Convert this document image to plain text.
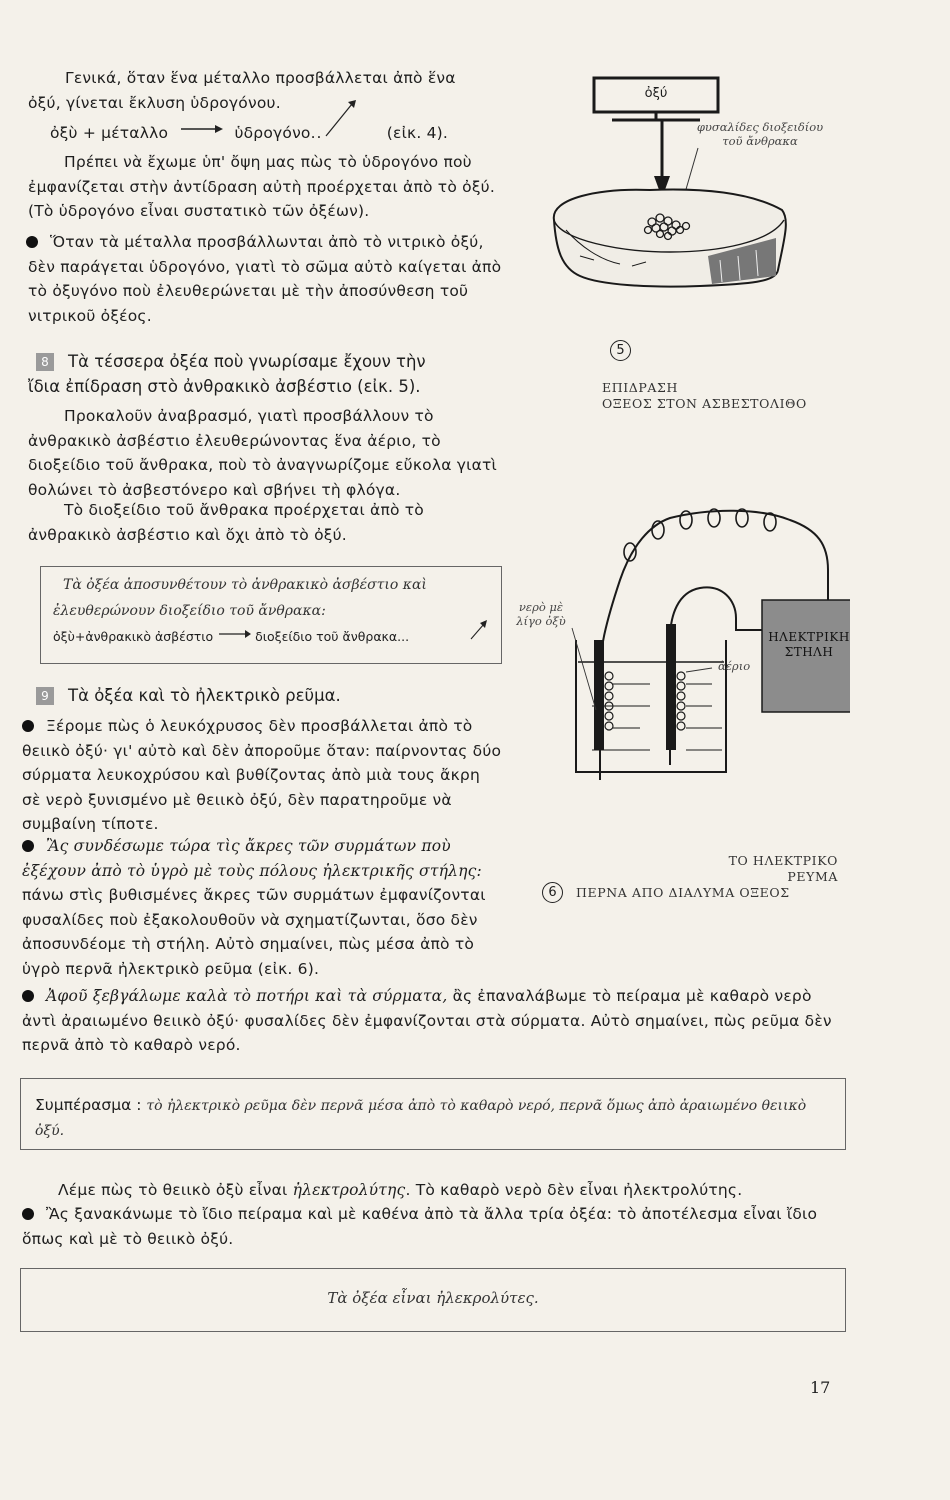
Γενικά, ὅταν ἕνα μέταλλο προσβάλλεται ἀπὸ ἕνα
ὀξύ, γίνεται ἔκλυση ὑδρογόνου.
ὀξὺ + μέταλλο	ὑδρογόνο..	(εἰκ. 4).
Πρέπει νὰ ἔχωμε ὑπ' ὄψη μας πὼς τὸ ὑδρογόνο ποὺ ἐμφανίζεται στὴν ἀντίδραση αὐτὴ προέρχεται ἀπὸ τὸ ὀξύ.(Τὸ ὑδρογόνο εἶναι συστατικὸ τῶν ὀξέων).
Ὅταν τὰ μέταλλα προσβάλλωνται ἀπὸ τὸ νιτρικὸ ὀξύ, δὲν παράγεται ὑδρογόνο, γιατὶ τὸ σῶμα αὐτὸ καίγεται ἀπὸ τὸ ὀξυγόνο ποὺ ἐλευθερώνεται μὲ τὴν ἀποσύνθεση τοῦ νιτρικοῦ ὀξέος.
8 Τὰ τέσσερα ὀξέα ποὺ γνωρίσαμε ἔχουν τὴν
ἴδια ἐπίδραση στὸ ἀνθρακικὸ ἀσβέστιο (εἰκ. 5).
Προκαλοῦν ἀναβρασμό, γιατὶ προσβάλλουν τὸ ἀνθρακικὸ ἀσβέστιο ἐλευθερώνοντας ἕνα ἀέριο, τὸ διοξείδιο τοῦ ἄνθρακα, ποὺ τὸ ἀναγνωρίζομε εὔκολα γιατὶ θολώνει τὸ ἀσβεστόνερο καὶ σβήνει τὴ φλόγα.
Τὸ διοξείδιο τοῦ ἄνθρακα προέρχεται ἀπὸ τὸ ἀνθρακικὸ ἀσβέστιο καὶ ὄχι ἀπὸ τὸ ὀξύ.
Τὰ ὀξέα ἀποσυνθέτουν τὸ ἀνθρακικὸ ἀσβέστιο καὶ
ἐλευθερώνουν διοξείδιο τοῦ ἄνθρακα:
ὀξὺ+ἀνθρακικὸ ἀσβέστιο	διοξείδιο τοῦ ἄνθρακα...
9 Τὰ ὀξέα καὶ τὸ ἠλεκτρικὸ ρεῦμα.
Ξέρομε πὼς ὁ λευκόχρυσος δὲν προσβάλλεται ἀπὸ τὸ θειικὸ ὀξύ· γι' αὐτὸ καὶ δὲν ἀποροῦμε ὅταν: παίρνοντας δύο σύρματα λευκοχρύσου καὶ βυθίζοντας ἀπὸ μιὰ τους ἄκρη σὲ νερὸ ξυνισμένο μὲ θειικὸ ὀξύ, δὲν παρατηροῦμε νὰ συμβαίνη τίποτε.
Ἂς συνδέσωμε τώρα τὶς ἄκρες τῶν συρμάτων ποὺ ἐξέχουν ἀπὸ τὸ ὑγρὸ μὲ τοὺς πόλους ἠλεκτρικῆς στήλης: πάνω στὶς βυθισμένες ἄκρες τῶν συρμάτων ἐμφανίζονται φυσαλίδες ποὺ ἐξακολουθοῦν νὰ σχηματίζωνται, ὅσο δὲν ἀποσυνδέομε τὴ στήλη. Αὐτὸ σημαίνει, πὼς μέσα ἀπὸ τὸ ὑγρὸ περνᾶ ἠλεκτρικὸ ρεῦμα (εἰκ. 6).
Ἀφοῦ ξεβγάλωμε καλὰ τὸ ποτήρι καὶ τὰ σύρματα, ἂς ἐπαναλάβωμε τὸ πείραμα μὲ καθαρὸ νερὸ ἀντὶ ἀραιωμένο θειικὸ ὀξύ· φυσαλίδες δὲν ἐμφανίζονται στὰ σύρματα. Αὐτὸ σημαίνει, πὼς ρεῦμα δὲν περνᾶ ἀπὸ τὸ καθαρὸ νερό.
Συμπέρασμα : τὸ ἠλεκτρικὸ ρεῦμα δὲν περνᾶ μέσα ἀπὸ τὸ καθαρὸ νερό, περνᾶ ὅμως ἀπὸ ἀραιωμένο θειικὸ ὀξύ.
Λέμε πὼς τὸ θειικὸ ὀξὺ εἶναι ἠλεκτρολύτης. Τὸ καθαρὸ νερὸ δὲν εἶναι ἠλεκτρολύτης.
Ἂς ξανακάνωμε τὸ ἴδιο πείραμα καὶ μὲ καθένα ἀπὸ τὰ ἄλλα τρία ὀξέα: τὸ ἀποτέλεσμα εἶναι ἴδιο ὅπως καὶ μὲ τὸ θειικὸ ὀξύ.
Τὰ ὀξέα εἶναι ἠλεκρολύτες.
17
ὀξύ
φυσαλίδες διοξειδίου
τοῦ ἄνθρακα
5
ΕΠΙΔΡΑΣΗ
ΟΞΕΟΣ ΣΤΟΝ ΑΣΒΕΣΤΟΛΙΘΟ
νερὸ μὲ
λίγο ὀξὺ
ΗΛΕΚΤΡΙΚΗ
ΣΤΗΛΗ
ἀέριο
ΤΟ ΗΛΕΚΤΡΙΚΟ
ΡΕΥΜΑ
6	ΠΕΡΝΑ ΑΠΟ ΔΙΑΛΥΜΑ ΟΞΕΟΣ
